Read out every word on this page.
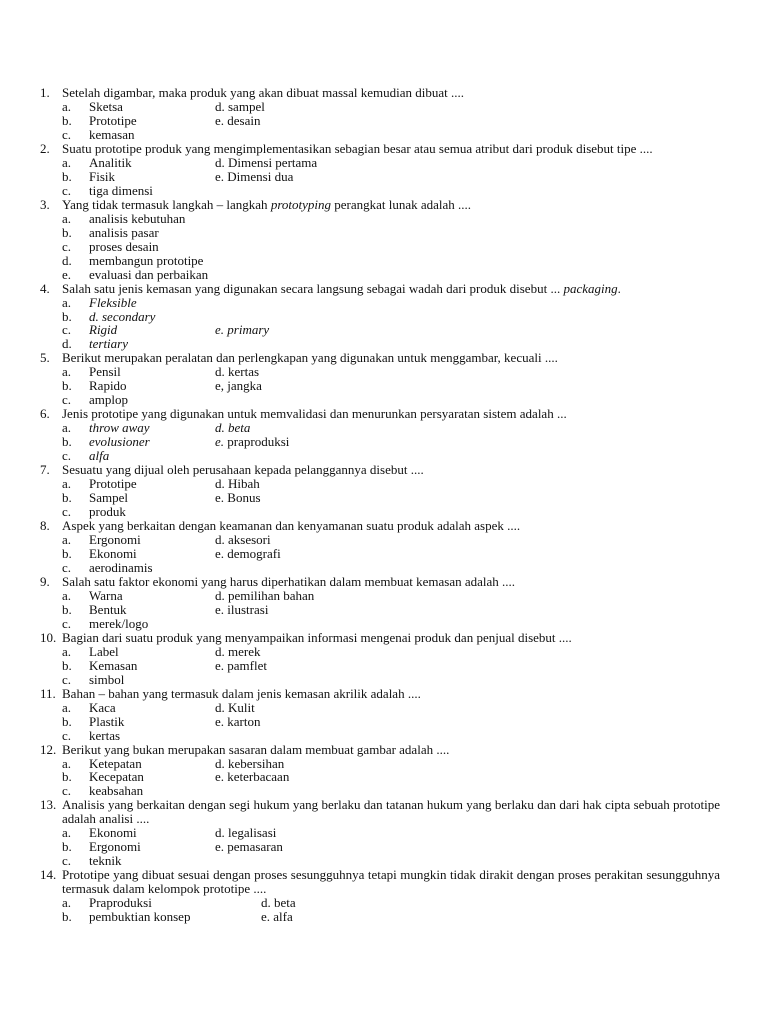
1. Setelah digambar, maka produk yang akan dibuat massal kemudian dibuat ....
a.	Sketsa	d. sampel
b.	Prototipe	e. desain
c.	kemasan
2. Suatu prototipe produk yang mengimplementasikan sebagian besar atau semua atribut dari produk disebut tipe ....
a.	Analitik	d. Dimensi pertama
b.	Fisik	e. Dimensi dua
c.	tiga dimensi
3. Yang tidak termasuk langkah – langkah prototyping perangkat lunak adalah ....
a.	analisis kebutuhan
b.	analisis pasar
c.	proses desain
d.	membangun prototipe
e.	evaluasi dan perbaikan
4. Salah satu jenis kemasan yang digunakan secara langsung sebagai wadah dari produk disebut ... packaging.
a.	Fleksible
b.	d. secondary
c.	Rigid	e. primary
d.	tertiary
5. Berikut merupakan peralatan dan perlengkapan yang digunakan untuk menggambar, kecuali ....
a.	Pensil	d. kertas
b.	Rapido	e, jangka
c.	amplop
6. Jenis prototipe yang digunakan untuk memvalidasi dan menurunkan persyaratan sistem adalah ...
a.	throw away	d. beta
b.	evolusioner	e. praproduksi
c.	alfa
7. Sesuatu yang dijual oleh perusahaan kepada pelanggannya disebut ....
a.	Prototipe	d. Hibah
b.	Sampel	e. Bonus
c.	produk
8. Aspek yang berkaitan dengan keamanan dan kenyamanan suatu produk adalah aspek ....
a.	Ergonomi	d. aksesori
b.	Ekonomi	e. demografi
c.	aerodinamis
9. Salah satu faktor ekonomi yang harus diperhatikan dalam membuat kemasan adalah ....
a.	Warna	d. pemilihan bahan
b.	Bentuk	e. ilustrasi
c.	merek/logo
10. Bagian dari suatu produk yang menyampaikan informasi mengenai produk dan penjual disebut ....
a.	Label	d. merek
b.	Kemasan	e. pamflet
c.	simbol
11. Bahan – bahan yang termasuk dalam jenis kemasan akrilik adalah ....
a.	Kaca	d. Kulit
b.	Plastik	e. karton
c.	kertas
12. Berikut yang bukan merupakan sasaran dalam membuat gambar adalah ....
a.	Ketepatan	d. kebersihan
b.	Kecepatan	e. keterbacaan
c.	keabsahan
13. Analisis yang berkaitan dengan segi hukum yang berlaku dan tatanan hukum yang berlaku dan dari hak cipta sebuah prototipe adalah analisi ....
a.	Ekonomi	d. legalisasi
b.	Ergonomi	e. pemasaran
c.	teknik
14. Prototipe yang dibuat sesuai dengan proses sesungguhnya tetapi mungkin tidak dirakit dengan proses perakitan sesungguhnya termasuk dalam kelompok prototipe ....
a.	Praproduksi	d. beta
b.	pembuktian konsep	e. alfa
